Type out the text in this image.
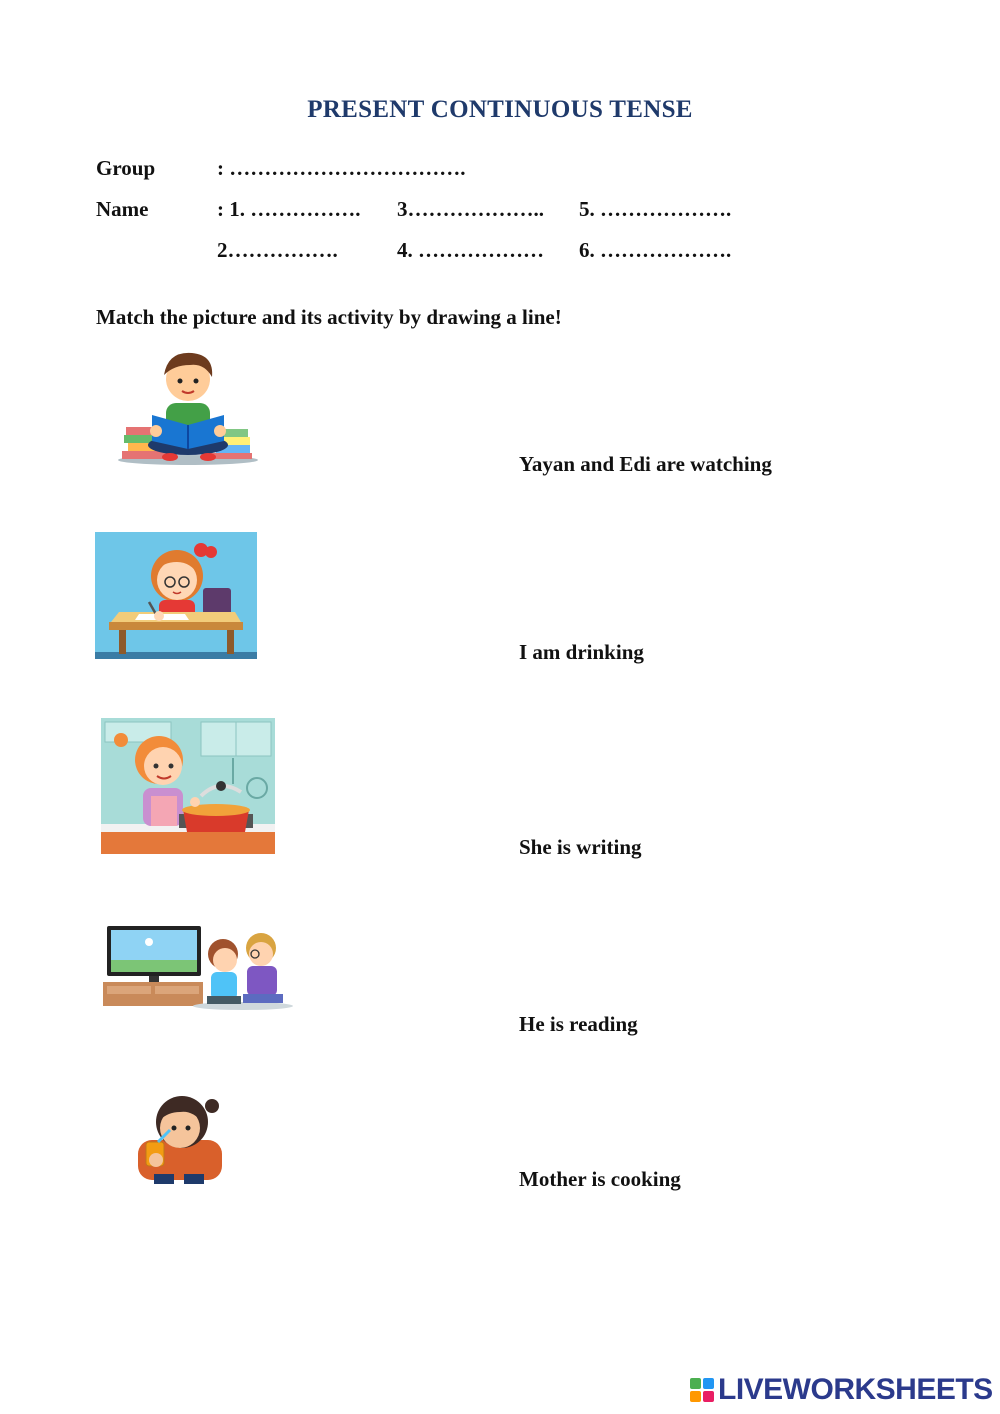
PRESENT CONTINUOUS TENSE
Group	: …………………………….
Name	: 1. ……………. 3……………….. 5. ……………….
2…………….	4. ……………… 6. ……………….
Match the picture and its activity by drawing a line!
Yayan and Edi are watching
I am drinking
She is writing
He is reading
Mother is cooking
LIVEWORKSHEETS
